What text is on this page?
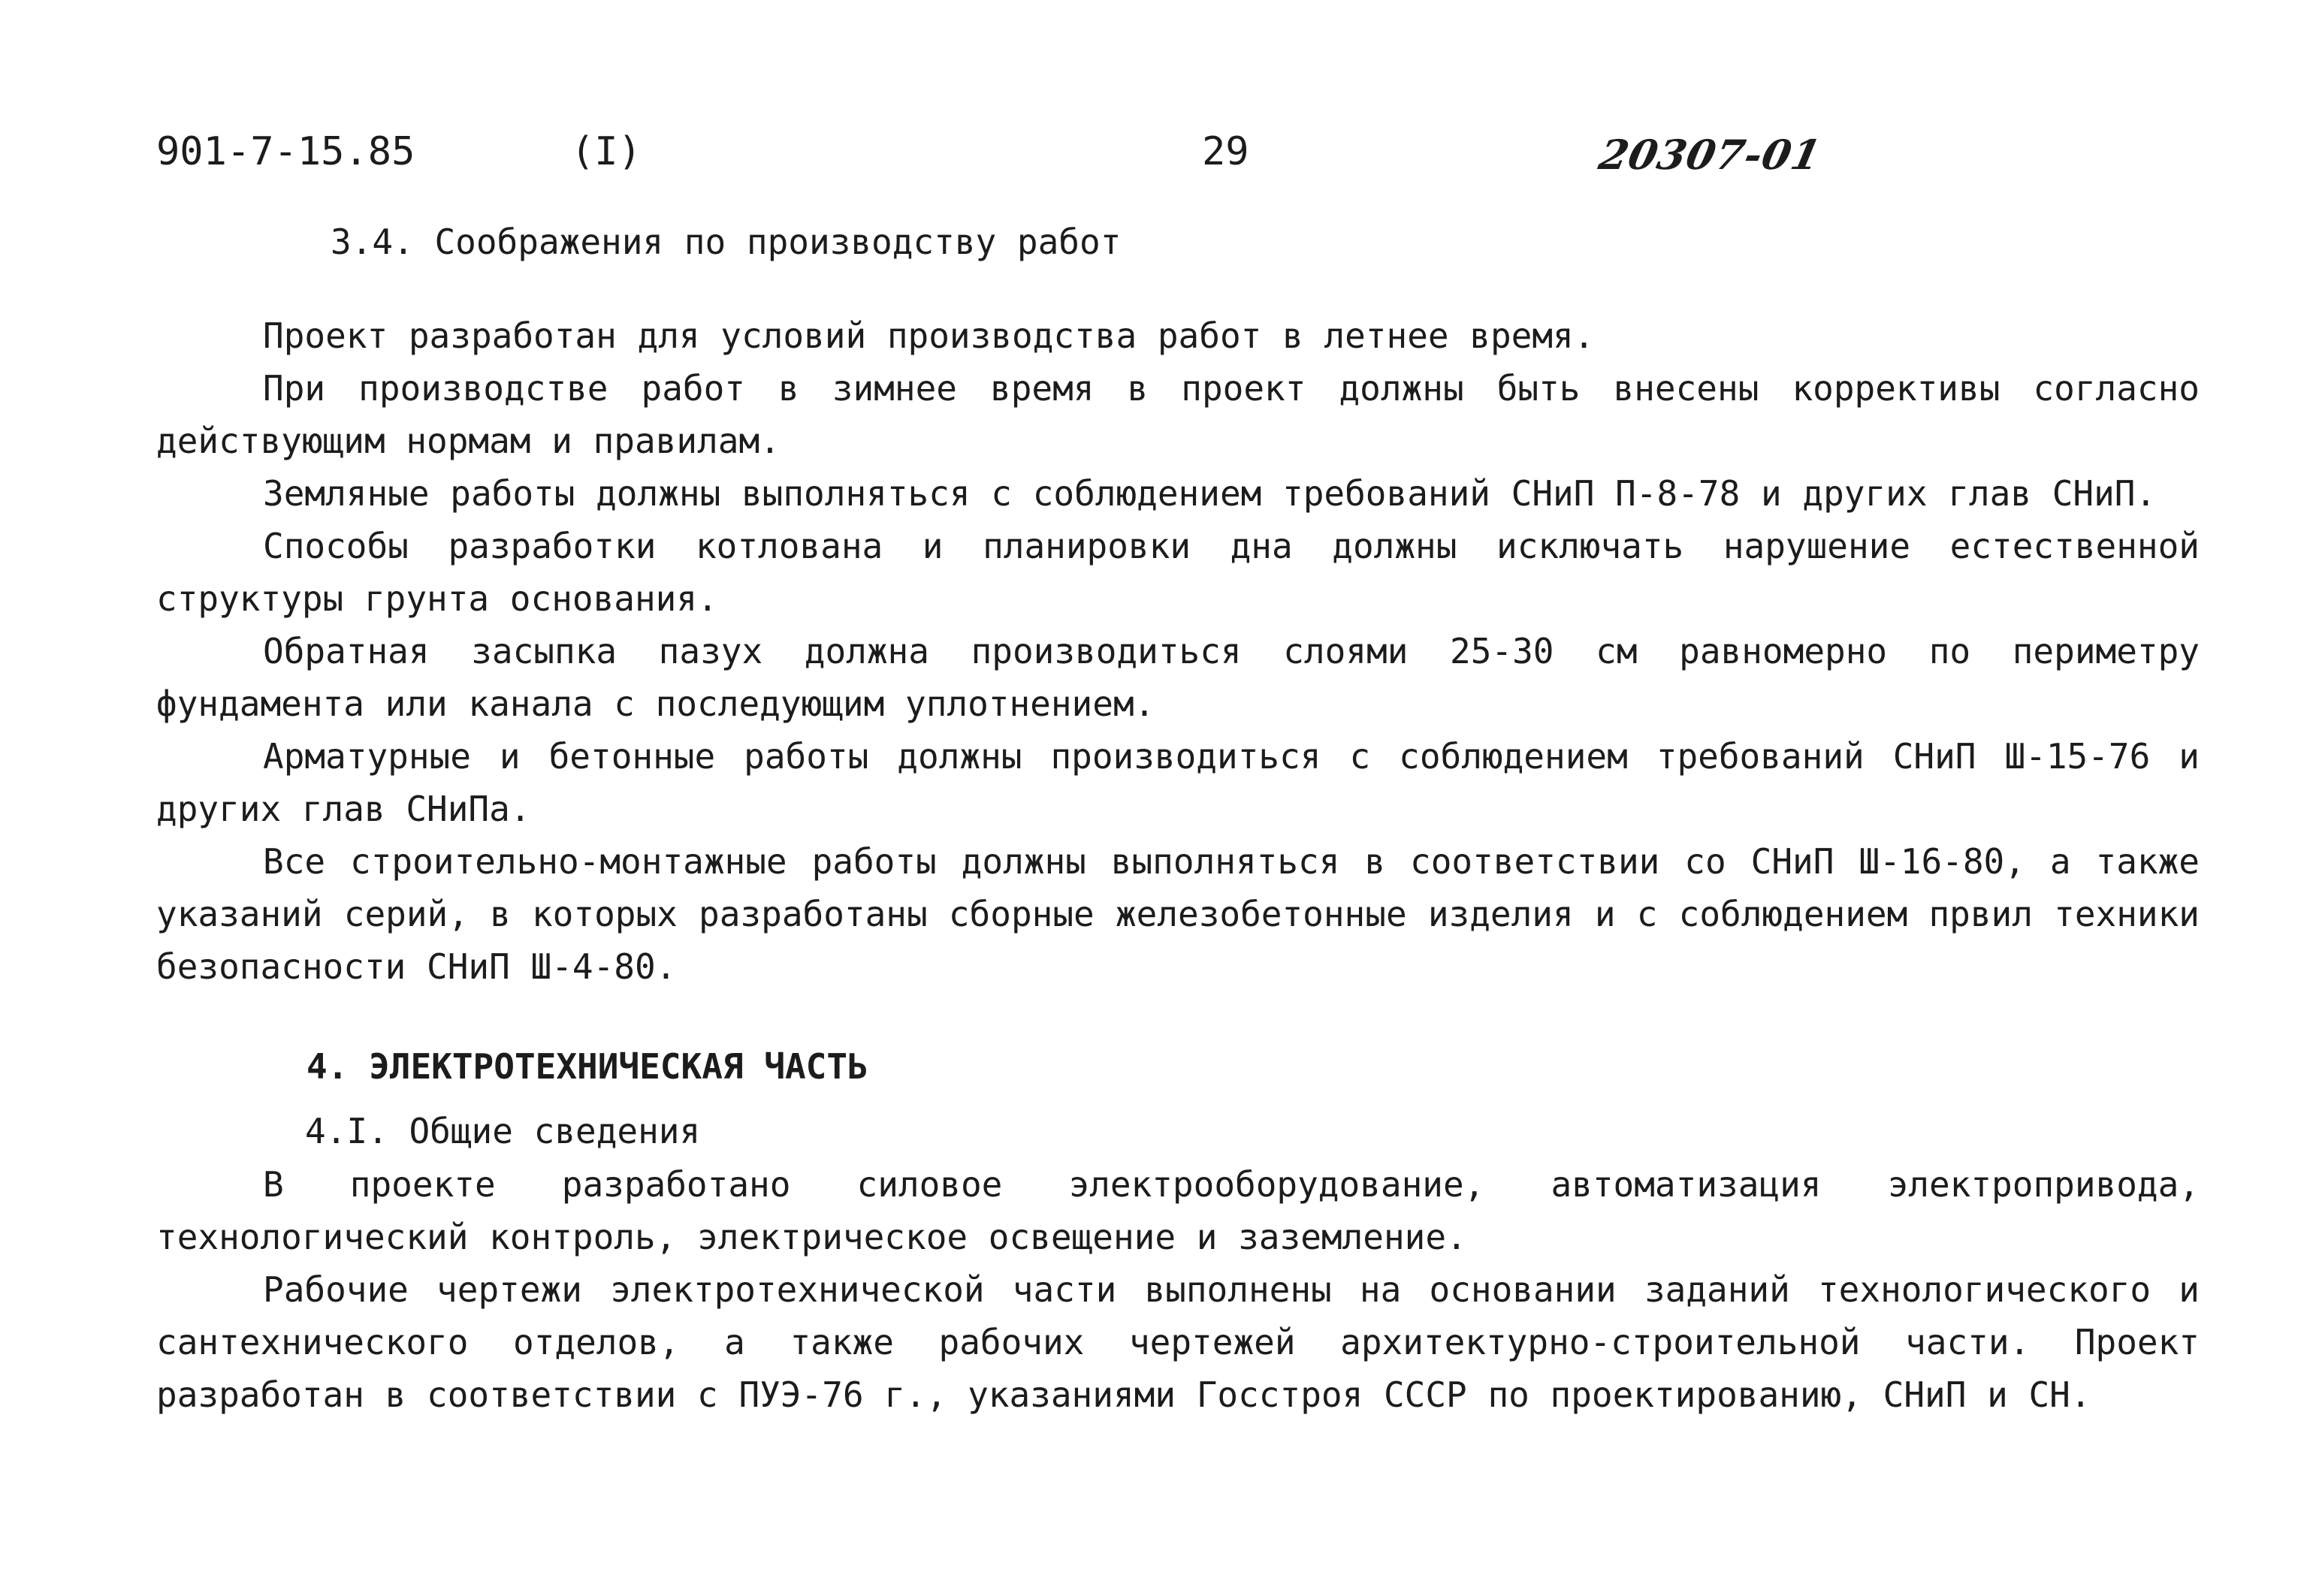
901-7-15.85	(I)	29	20307-01
3.4. Соображения по производству работ

Проект разработан для условий производства работ в летнее время.

При производстве работ в зимнее время в проект должны быть внесены коррективы согласно действующим нормам и правилам.

Земляные работы должны выполняться с соблюдением требований СНиП П-8-78 и других глав СНиП.

Способы разработки котлована и планировки дна должны исключать нарушение естественной структуры грунта основания.

Обратная засыпка пазух должна производиться слоями 25-30 см равномерно по периметру фундамента или канала с последующим уплотнением.

Арматурные и бетонные работы должны производиться с соблюдением требований СНиП Ш-15-76 и других глав СНиПа.

Все строительно-монтажные работы должны выполняться в соответствии со СНиП Ш-16-80, а также указаний серий, в которых разработаны сборные железобетонные изделия и с соблюдением првил техники безопасности СНиП Ш-4-80.

4. ЭЛЕКТРОТЕХНИЧЕСКАЯ ЧАСТЬ
4.I. Общие сведения

В проекте разработано силовое электрооборудование, автоматизация электропривода, технологический контроль, электрическое освещение и заземление.

Рабочие чертежи электротехнической части выполнены на основании заданий технологического и сантехнического отделов, а также рабочих чертежей архитектурно-строительной части. Проект разработан в соответствии с ПУЭ-76 г., указаниями Госстроя СССР по проектированию, СНиП и СН.
